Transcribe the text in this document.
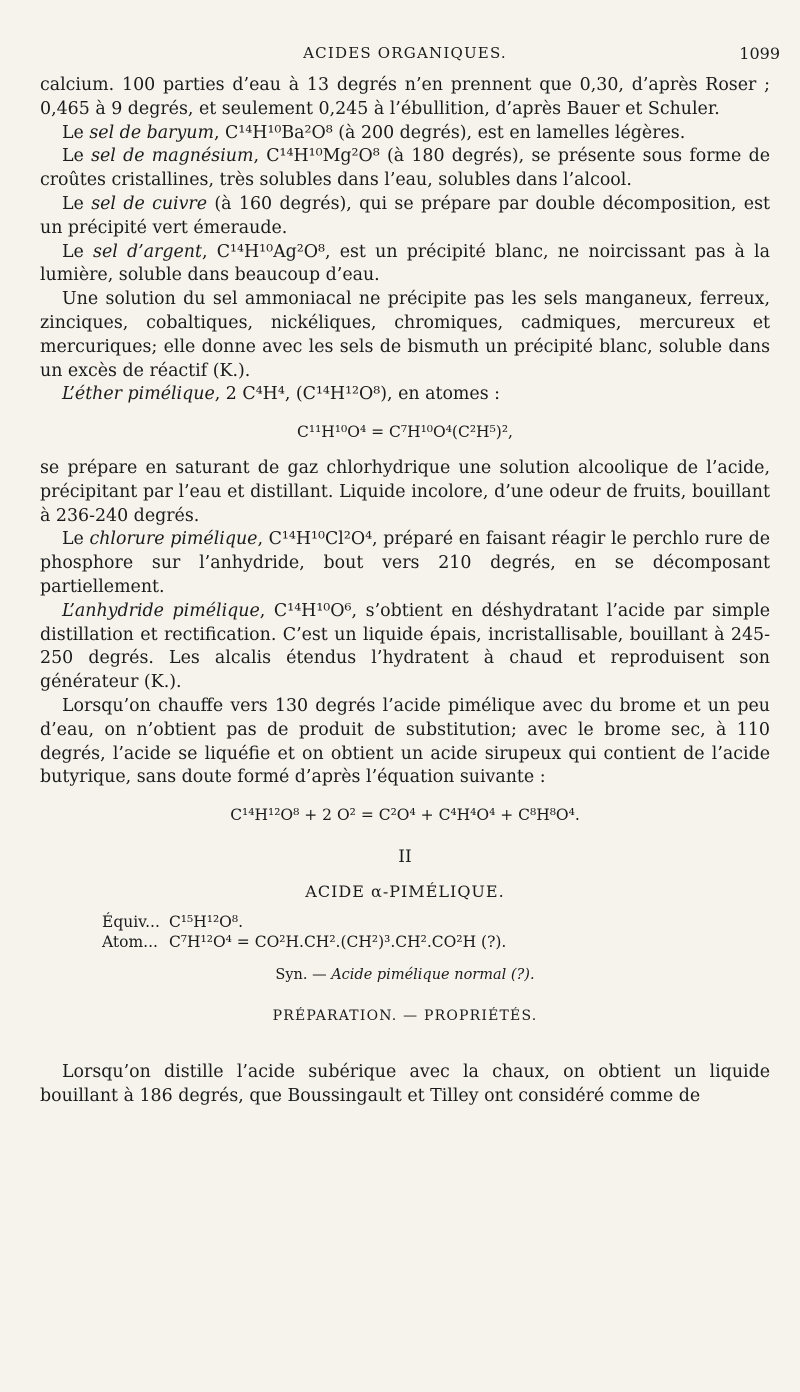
ACIDES ORGANIQUES.	1099

calcium. 100 parties d’eau à 13 degrés n’en prennent que 0,30, d’après Roser ; 0,465 à 9 degrés, et seulement 0,245 à l’ébullition, d’après Bauer et Schuler.

Le sel de baryum, C¹⁴H¹⁰Ba²O⁸ (à 200 degrés), est en lamelles légères.

Le sel de magnésium, C¹⁴H¹⁰Mg²O⁸ (à 180 degrés), se présente sous forme de croûtes cristallines, très solubles dans l’eau, solubles dans l’alcool.

Le sel de cuivre (à 160 degrés), qui se prépare par double décomposition, est un précipité vert émeraude.

Le sel d’argent, C¹⁴H¹⁰Ag²O⁸, est un précipité blanc, ne noircissant pas à la lumière, soluble dans beaucoup d’eau.

Une solution du sel ammoniacal ne précipite pas les sels manganeux, ferreux, zinciques, cobaltiques, nickéliques, chromiques, cadmiques, mercureux et mercuriques; elle donne avec les sels de bismuth un précipité blanc, soluble dans un excès de réactif (K.).

L’éther pimélique, 2 C⁴H⁴, (C¹⁴H¹²O⁸), en atomes :

C¹¹H¹⁰O⁴ = C⁷H¹⁰O⁴(C²H⁵)²,

se prépare en saturant de gaz chlorhydrique une solution alcoolique de l’acide, précipitant par l’eau et distillant. Liquide incolore, d’une odeur de fruits, bouillant à 236-240 degrés.

Le chlorure pimélique, C¹⁴H¹⁰Cl²O⁴, préparé en faisant réagir le perchlo rure de phosphore sur l’anhydride, bout vers 210 degrés, en se décomposant partiellement.

L’anhydride pimélique, C¹⁴H¹⁰O⁶, s’obtient en déshydratant l’acide par simple distillation et rectification. C’est un liquide épais, incristallisable, bouillant à 245-250 degrés. Les alcalis étendus l’hydratent à chaud et reproduisent son générateur (K.).

Lorsqu’on chauffe vers 130 degrés l’acide pimélique avec du brome et un peu d’eau, on n’obtient pas de produit de substitution; avec le brome sec, à 110 degrés, l’acide se liquéfie et on obtient un acide sirupeux qui contient de l’acide butyrique, sans doute formé d’après l’équation suivante :

C¹⁴H¹²O⁸ + 2 O² = C²O⁴ + C⁴H⁴O⁴ + C⁸H⁸O⁴.
II
ACIDE α-PIMÉLIQUE.
Équiv... C¹⁵H¹²O⁸.
Atom... C⁷H¹²O⁴ = CO²H.CH².(CH²)³.CH².CO²H (?).
Syn. — Acide pimélique normal (?).
PRÉPARATION. — PROPRIÉTÉS.

Lorsqu’on distille l’acide subérique avec la chaux, on obtient un liquide bouillant à 186 degrés, que Boussingault et Tilley ont considéré comme de
